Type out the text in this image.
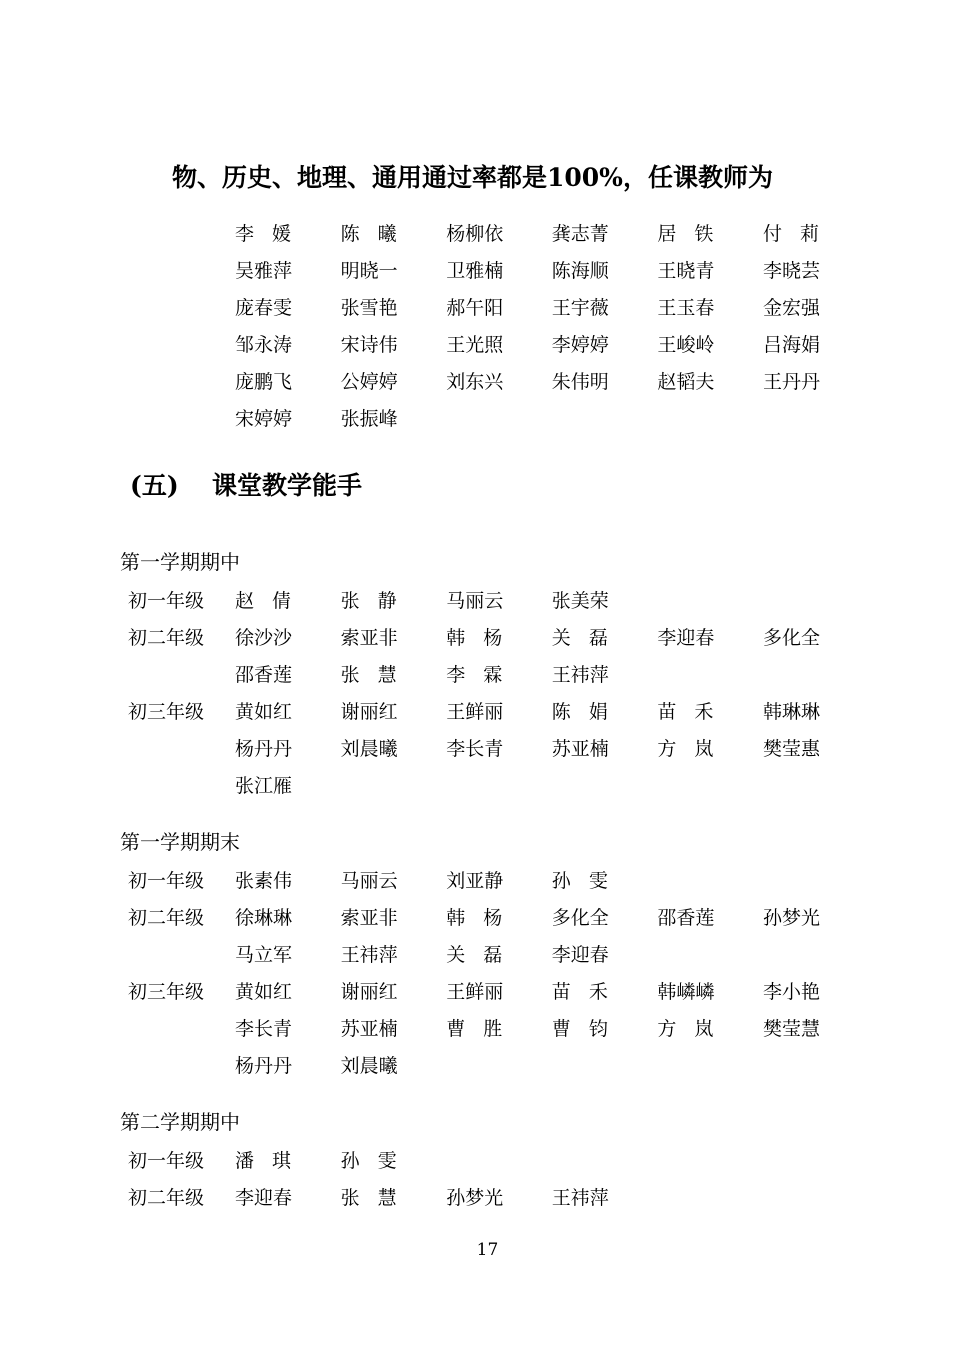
物、历史、地理、通用通过率都是100%，任课教师为
李媛	陈曦	杨柳依	龚志菁	居铁	付莉
吴雅萍	明晓一	卫雅楠	陈海顺	王晓青	李晓芸
庞春雯	张雪艳	郝午阳	王宇薇	王玉春	金宏强
邹永涛	宋诗伟	王光照	李婷婷	王峻岭	吕海娟
庞鹏飞	公婷婷	刘东兴	朱伟明	赵韬夫	王丹丹
宋婷婷	张振峰
(五) 课堂教学能手
第一学期期中
初一年级 赵倩	张静	马丽云	张美荣
初二年级 徐沙沙	索亚非	韩杨	关磊	李迎春	多化全
邵香莲	张慧	李霖	王祎萍
初三年级 黄如红	谢丽红	王鲜丽	陈娟	苗禾	韩琳琳
杨丹丹	刘晨曦	李长青	苏亚楠	方岚	樊莹惠
张江雁
第一学期期末
初一年级 张素伟	马丽云	刘亚静	孙雯
初二年级 徐琳琳	索亚非	韩杨	多化全	邵香莲	孙梦光
马立军	王祎萍	关磊	李迎春
初三年级 黄如红	谢丽红	王鲜丽	苗禾	韩嶙嶙	李小艳
李长青	苏亚楠	曹胜	曹钧	方岚	樊莹慧
杨丹丹	刘晨曦
第二学期期中
初一年级 潘琪	孙雯
初二年级 李迎春	张慧	孙梦光	王祎萍
17
